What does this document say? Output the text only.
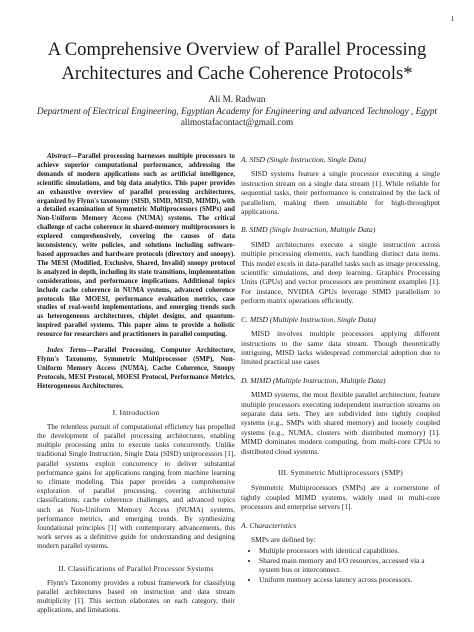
1
A Comprehensive Overview of Parallel Processing
Architectures and Cache Coherence Protocols*
Ali M. Radwan
Department of Electrical Engineering, Egyptian Academy for Engineering and advanced Technology , Egypt
alimostafacontact@gmail.com

Abstract—Parallel processing harnesses multiple processors to achieve superior computational performance, addressing the demands of modern applications such as artificial intelligence, scientific simulations, and big data analytics. This paper provides an exhaustive overview of parallel processing architectures, organized by Flynn's taxonomy (SISD, SIMD, MISD, MIMD), with a detailed examination of Symmetric Multiprocessors (SMPs) and Non-Uniform Memory Access (NUMA) systems. The critical challenge of cache coherence in shared-memory multiprocessors is explored comprehensively, covering the causes of data inconsistency, write policies, and solutions including software-based approaches and hardware protocols (directory and snoopy). The MESI (Modified, Exclusive, Shared, Invalid) snoopy protocol is analyzed in depth, including its state transitions, implementation considerations, and performance implications. Additional topics include cache coherence in NUMA systems, advanced coherence protocols like MOESI, performance evaluation metrics, case studies of real-world implementations, and emerging trends such as heterogeneous architectures, chiplet designs, and quantum-inspired parallel systems. This paper aims to provide a holistic resource for researchers and practitioners in parallel computing.

Index Terms—Parallel Processing, Computer Architecture, Flynn's Taxonomy, Symmetric Multiprocessor (SMP), Non-Uniform Memory Access (NUMA), Cache Coherence, Snoopy Protocols, MESI Protocol, MOESI Protocol, Performance Metrics, Heterogeneous Architectures.

I. Introduction

The relentless pursuit of computational efficiency has propelled the development of parallel processing architectures, enabling multiple processing units to execute tasks concurrently. Unlike traditional Single Instruction, Single Data (SISD) uniprocessors [1], parallel systems exploit concurrency to deliver substantial performance gains for applications ranging from machine learning to climate modeling. This paper provides a comprehensive exploration of parallel processing, covering architectural classifications, cache coherence challenges, and advanced topics such as Non-Uniform Memory Access (NUMA) systems, performance metrics, and emerging trends. By synthesizing foundational principles [1] with contemporary advancements, this work serves as a definitive guide for understanding and designing modern parallel systems.

II. Classifications of Parallel Processor Systems

Flynn's Taxonomy provides a robust framework for classifying parallel architectures based on instruction and data stream multiplicity [1]. This section elaborates on each category, their applications, and limitations.

A. SISD (Single Instruction, Single Data)

SISD systems feature a single processor executing a single instruction stream on a single data stream [1]. While reliable for sequential tasks, their performance is constrained by the lack of parallelism, making them unsuitable for high-throughput applications.

B. SIMD (Single Instruction, Multiple Data)

SIMD architectures execute a single instruction across multiple processing elements, each handling distinct data items. This model excels in data-parallel tasks such as image processing, scientific simulations, and deep learning. Graphics Processing Units (GPUs) and vector processors are prominent examples [1]. For instance, NVIDIA GPUs leverage SIMD parallelism to perform matrix operations efficiently.

C. MISD (Multiple Instruction, Single Data)

MISD involves multiple processors applying different instructions to the same data stream. Though theoretically intriguing, MISD lacks widespread commercial adoption due to limited practical use cases

D. MIMD (Multiple Instruction, Multiple Data)

MIMD systems, the most flexible parallel architecture, feature multiple processors executing independent instruction streams on separate data sets. They are subdivided into tightly coupled systems (e.g., SMPs with shared memory) and loosely coupled systems (e.g., NUMA, clusters with distributed memory) [1]. MIMD dominates modern computing, from multi-core CPUs to distributed cloud systems.

III. Symmetric Multiprocessors (SMP)

Symmetric Multiprocessors (SMPs) are a cornerstone of tightly coupled MIMD systems, widely used in multi-core processors and enterprise servers [1].

A. Characteristics

SMPs are defined by:

• Multiple processors with identical capabilities.
• Shared main memory and I/O resources, accessed via a system bus or interconnect.
• Uniform memory access latency across processors.
